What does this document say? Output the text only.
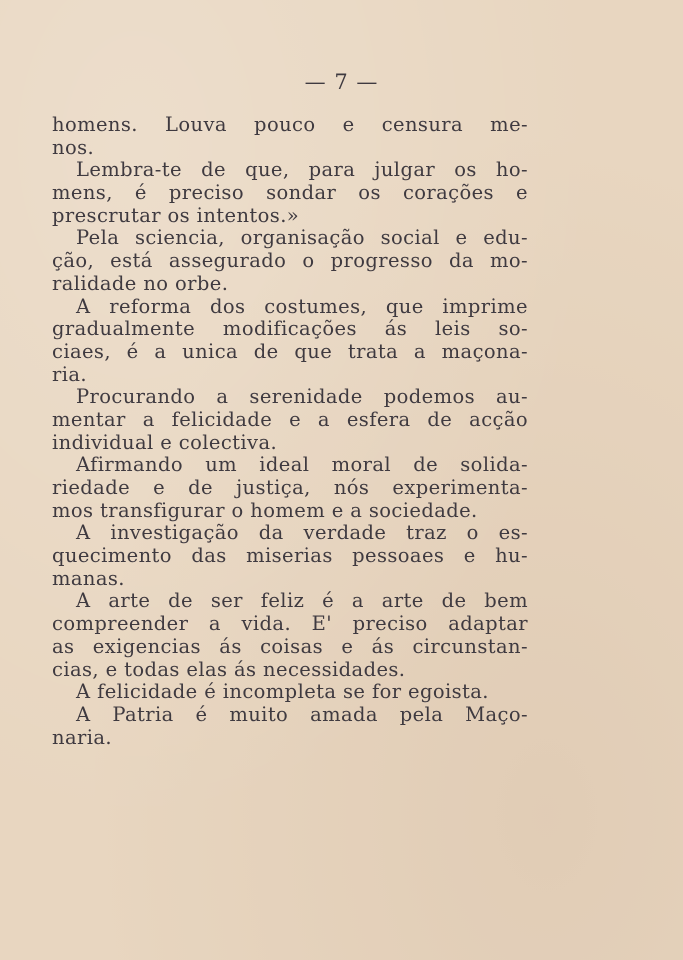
— 7 —
homens. Louva pouco e censura me-
nos.
Lembra-te de que, para julgar os ho-
mens, é preciso sondar os corações e
prescrutar os intentos.»
Pela sciencia, organisação social e edu-
ção, está assegurado o progresso da mo-
ralidade no orbe.
A reforma dos costumes, que imprime
gradualmente modificações ás leis so-
ciaes, é a unica de que trata a maçona-
ria.
Procurando a serenidade podemos au-
mentar a felicidade e a esfera de acção
individual e colectiva.
Afirmando um ideal moral de solida-
riedade e de justiça, nós experimenta-
mos transfigurar o homem e a sociedade.
A investigação da verdade traz o es-
quecimento das miserias pessoaes e hu-
manas.
A arte de ser feliz é a arte de bem
compreender a vida. E' preciso adaptar
as exigencias ás coisas e ás circunstan-
cias, e todas elas ás necessidades.
A felicidade é incompleta se for egoista.
A Patria é muito amada pela Maço-
naria.
